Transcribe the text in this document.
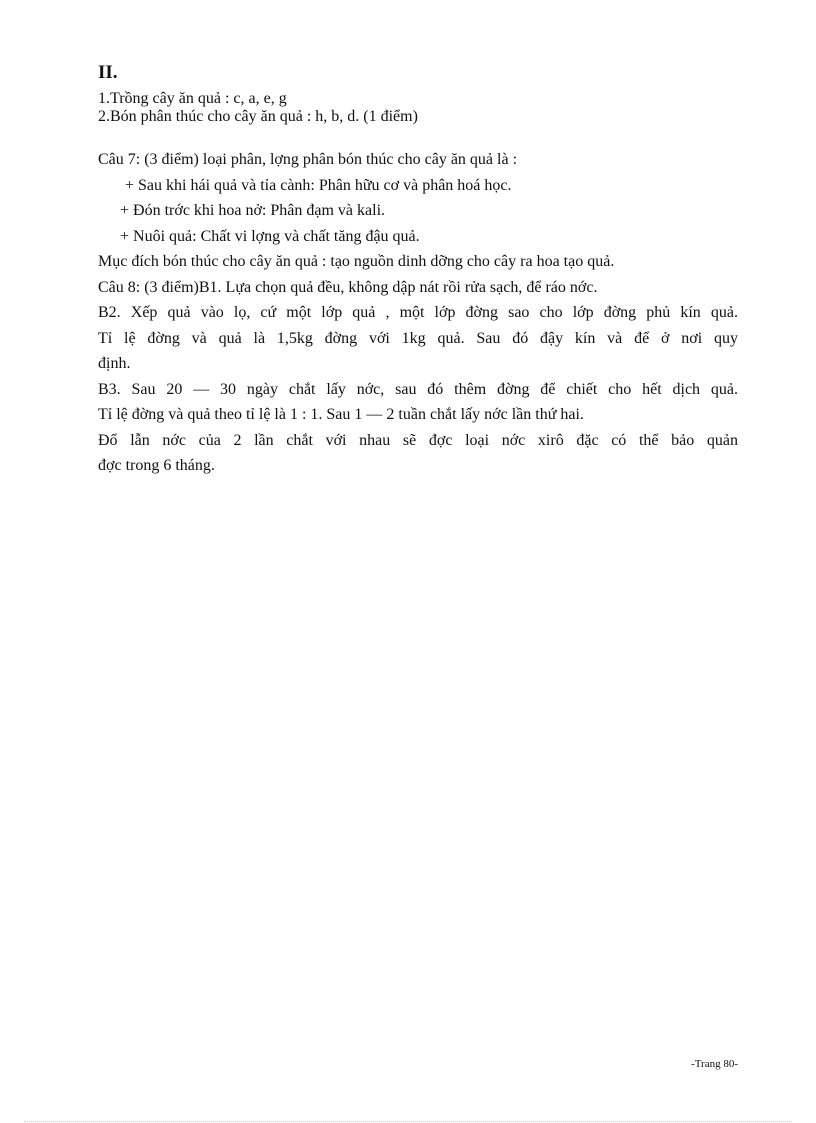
II.
1.Trồng cây ăn quả : c, a, e, g
2.Bón phân thúc cho cây ăn quả : h, b, d. (1 điểm)

Câu 7: (3 điểm) loại phân, lợng phân bón thúc cho cây ăn quả là :

+ Sau khi hái quả và tỉa cành: Phân hữu cơ và phân hoá học.

+ Đón trớc khi hoa nở: Phân đạm và kali.

+ Nuôi quả: Chất vi lợng và chất tăng đậu quả.

Mục đích bón thúc cho cây ăn quả : tạo nguồn dinh dỡng cho cây ra hoa tạo quả.

Câu 8: (3 điểm)B1. Lựa chọn quả đều, không dập nát rồi rửa sạch, để ráo nớc.

B2. Xếp quả vào lọ, cứ một lớp quả , một lớp đờng sao cho lớp đờng phủ kín quả.

Tỉ lệ đờng và quả là 1,5kg đờng với 1kg quả. Sau đó đậy kín và để ở nơi quy

định.

B3. Sau 20 — 30 ngày chắt lấy nớc, sau đó thêm đờng để chiết cho hết dịch quả.

Tỉ lệ đờng và quả theo tỉ lệ là 1 : 1. Sau 1 — 2 tuần chắt lấy nớc lần thứ hai.

Đổ lẫn nớc của 2 lần chắt với nhau sẽ đợc loại nớc xirô đặc có thể bảo quản

đợc trong 6 tháng.

-Trang 80-
